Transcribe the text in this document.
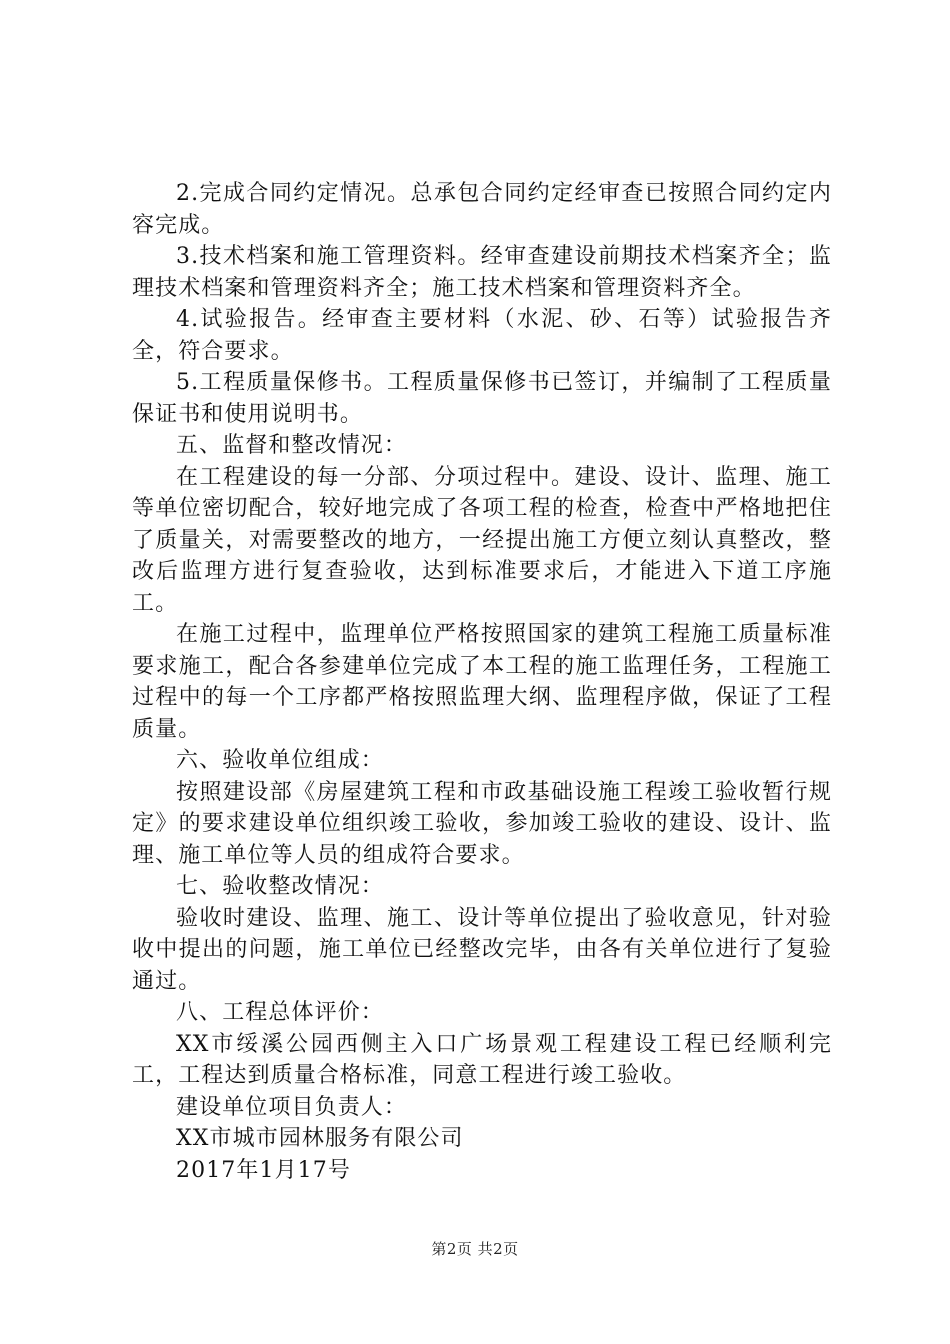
2.完成合同约定情况。总承包合同约定经审查已按照合同约定内容完成。

3.技术档案和施工管理资料。经审查建设前期技术档案齐全；监理技术档案和管理资料齐全；施工技术档案和管理资料齐全。

4.试验报告。经审查主要材料（水泥、砂、石等）试验报告齐全，符合要求。

5.工程质量保修书。工程质量保修书已签订，并编制了工程质量保证书和使用说明书。

五、监督和整改情况：

在工程建设的每一分部、分项过程中。建设、设计、监理、施工等单位密切配合，较好地完成了各项工程的检查，检查中严格地把住了质量关，对需要整改的地方，一经提出施工方便立刻认真整改，整改后监理方进行复查验收，达到标准要求后，才能进入下道工序施工。

在施工过程中，监理单位严格按照国家的建筑工程施工质量标准要求施工，配合各参建单位完成了本工程的施工监理任务，工程施工过程中的每一个工序都严格按照监理大纲、监理程序做，保证了工程质量。

六、验收单位组成：

按照建设部《房屋建筑工程和市政基础设施工程竣工验收暂行规定》的要求建设单位组织竣工验收，参加竣工验收的建设、设计、监理、施工单位等人员的组成符合要求。

七、验收整改情况：

验收时建设、监理、施工、设计等单位提出了验收意见，针对验收中提出的问题，施工单位已经整改完毕，由各有关单位进行了复验通过。

八、工程总体评价：

XX市绥溪公园西侧主入口广场景观工程建设工程已经顺利完工，工程达到质量合格标准，同意工程进行竣工验收。

建设单位项目负责人：

XX市城市园林服务有限公司

2017年1月17号

第2页 共2页
